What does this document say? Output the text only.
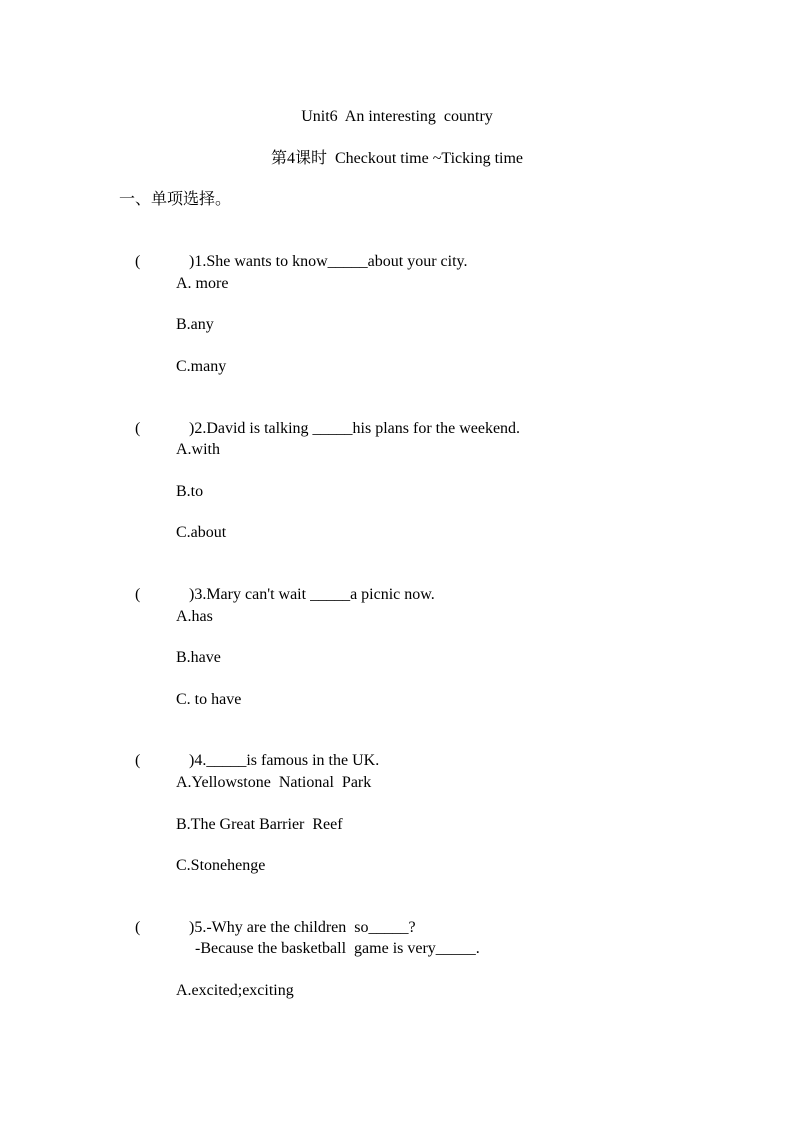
Unit6  An interesting  country
第4课时  Checkout time ~Ticking time
一、单项选择。

(	)1.She wants to know_____about your city.

A. more
B.any
C.many

(	)2.David is talking _____his plans for the weekend.

A.with
B.to
C.about

(	)3.Mary can't wait _____a picnic now.

A.has
B.have
C. to have

(	)4._____is famous in the UK.

A.Yellowstone  National  Park
B.The Great Barrier  Reef
C.Stonehenge

(	)5.-Why are the children  so_____?

-Because the basketball  game is very_____.
A.excited;exciting
